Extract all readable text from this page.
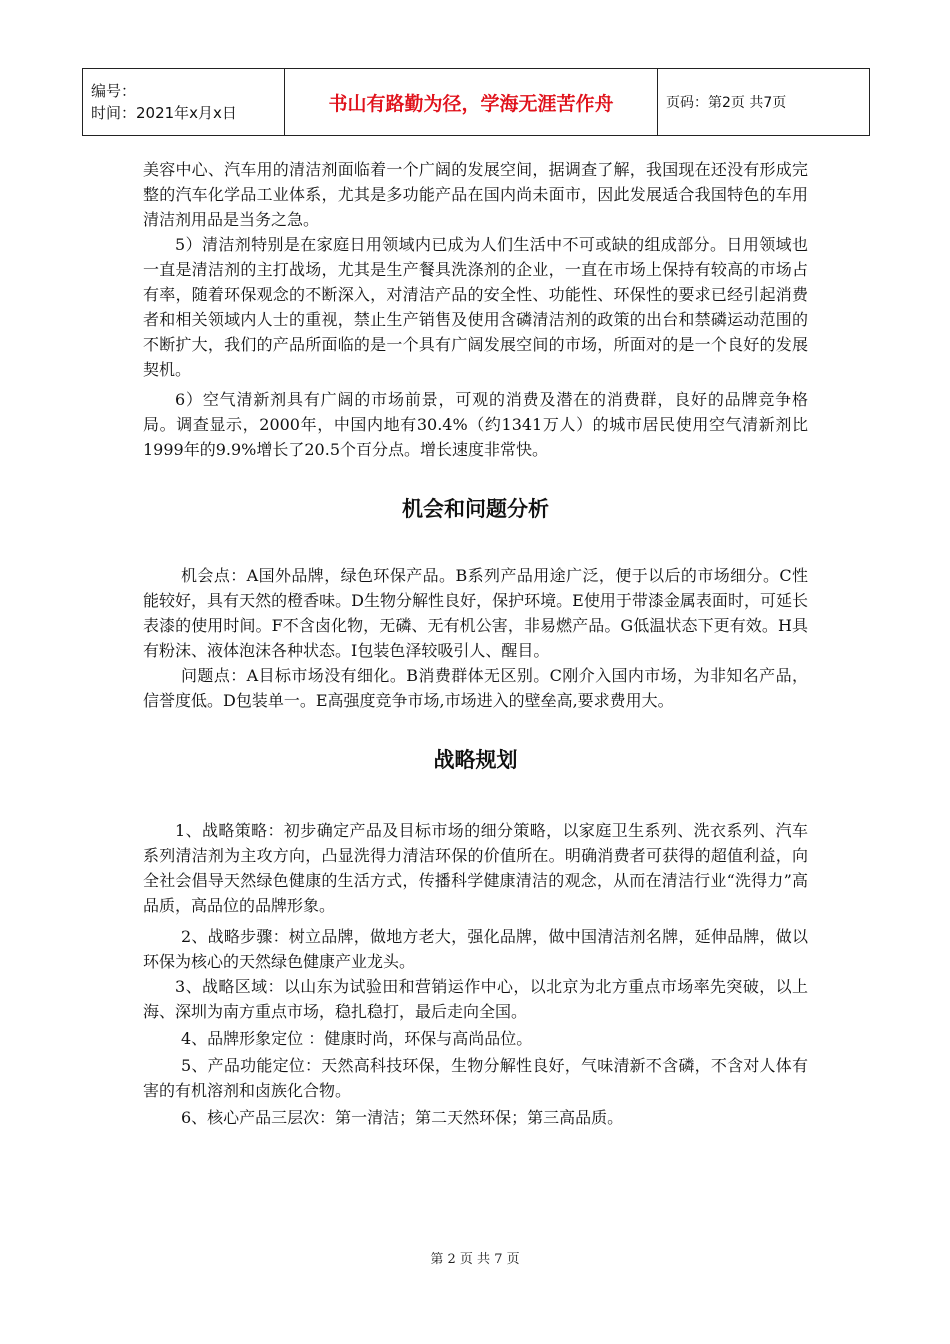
编号：
时间：2021年x月x日	书山有路勤为径，学海无涯苦作舟	页码：第2页 共7页

美容中心、汽车用的清洁剂面临着一个广阔的发展空间，据调查了解，我国现在还没有形成完整的汽车化学品工业体系，尤其是多功能产品在国内尚未面市，因此发展适合我国特色的车用清洁剂用品是当务之急。

5）清洁剂特别是在家庭日用领域内已成为人们生活中不可或缺的组成部分。日用领域也一直是清洁剂的主打战场，尤其是生产餐具洗涤剂的企业，一直在市场上保持有较高的市场占有率，随着环保观念的不断深入，对清洁产品的安全性、功能性、环保性的要求已经引起消费者和相关领域内人士的重视，禁止生产销售及使用含磷清洁剂的政策的出台和禁磷运动范围的不断扩大，我们的产品所面临的是一个具有广阔发展空间的市场，所面对的是一个良好的发展契机。

6）空气清新剂具有广阔的市场前景，可观的消费及潜在的消费群，良好的品牌竞争格局。调查显示，2000年，中国内地有30.4%（约1341万人）的城市居民使用空气清新剂比1999年的9.9%增长了20.5个百分点。增长速度非常快。

机会和问题分析

机会点：A国外品牌，绿色环保产品。B系列产品用途广泛，便于以后的市场细分。C性能较好，具有天然的橙香味。D生物分解性良好，保护环境。E使用于带漆金属表面时，可延长表漆的使用时间。F不含卤化物，无磷、无有机公害，非易燃产品。G低温状态下更有效。H具有粉沫、液体泡沫各种状态。I包装色泽较吸引人、醒目。

问题点：A目标市场没有细化。B消费群体无区别。C刚介入国内市场，为非知名产品，信誉度低。D包装单一。E高强度竞争市场,市场进入的壁垒高,要求费用大。

战略规划

1、战略策略：初步确定产品及目标市场的细分策略，以家庭卫生系列、洗衣系列、汽车系列清洁剂为主攻方向，凸显洗得力清洁环保的价值所在。明确消费者可获得的超值利益，向全社会倡导天然绿色健康的生活方式，传播科学健康清洁的观念，从而在清洁行业“洗得力”高品质，高品位的品牌形象。

2、战略步骤：树立品牌，做地方老大，强化品牌，做中国清洁剂名牌，延伸品牌，做以环保为核心的天然绿色健康产业龙头。

3、战略区域：以山东为试验田和营销运作中心，以北京为北方重点市场率先突破，以上海、深圳为南方重点市场，稳扎稳打，最后走向全国。

4、品牌形象定位 ：健康时尚，环保与高尚品位。

5、产品功能定位：天然高科技环保，生物分解性良好，气味清新不含磷，不含对人体有害的有机溶剂和卤族化合物。

6、核心产品三层次：第一清洁；第二天然环保；第三高品质。

第 2 页 共 7 页
